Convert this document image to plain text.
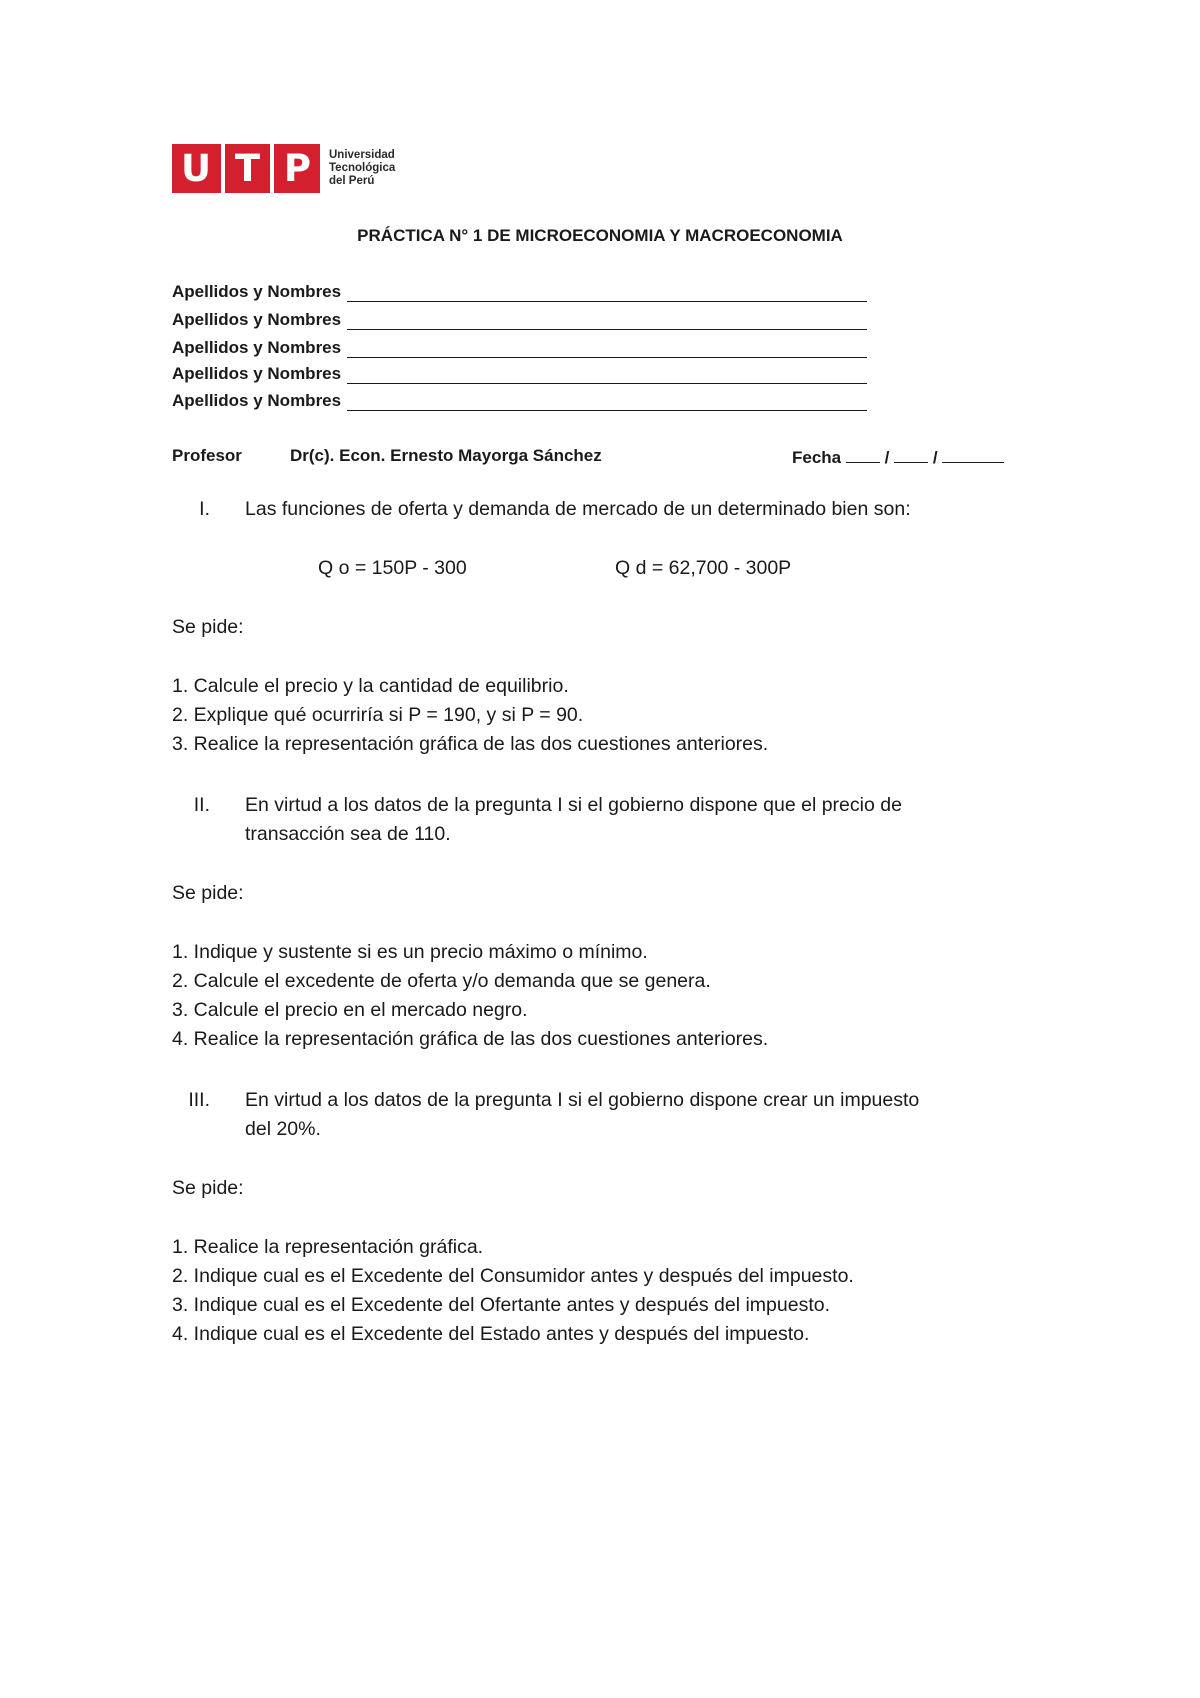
U T P Universidad
Tecnológica
del Perú
PRÁCTICA N° 1 DE MICROECONOMIA Y MACROECONOMIA
Apellidos y Nombres
Apellidos y Nombres
Apellidos y Nombres
Apellidos y Nombres
Apellidos y Nombres
Profesor	Dr(c). Econ. Ernesto Mayorga Sánchez	Fecha	/	/
I. Las funciones de oferta y demanda de mercado de un determinado bien son:
Q o = 150P - 300	Q d = 62,700 - 300P
Se pide:
1. Calcule el precio y la cantidad de equilibrio.
2. Explique qué ocurriría si P = 190, y si P = 90.
3. Realice la representación gráfica de las dos cuestiones anteriores.
II. En virtud a los datos de la pregunta I si el gobierno dispone que el precio de
transacción sea de 110.
Se pide:
1. Indique y sustente si es un precio máximo o mínimo.
2. Calcule el excedente de oferta y/o demanda que se genera.
3. Calcule el precio en el mercado negro.
4. Realice la representación gráfica de las dos cuestiones anteriores.
III. En virtud a los datos de la pregunta I si el gobierno dispone crear un impuesto
del 20%.
Se pide:
1. Realice la representación gráfica.
2. Indique cual es el Excedente del Consumidor antes y después del impuesto.
3. Indique cual es el Excedente del Ofertante antes y después del impuesto.
4. Indique cual es el Excedente del Estado antes y después del impuesto.
